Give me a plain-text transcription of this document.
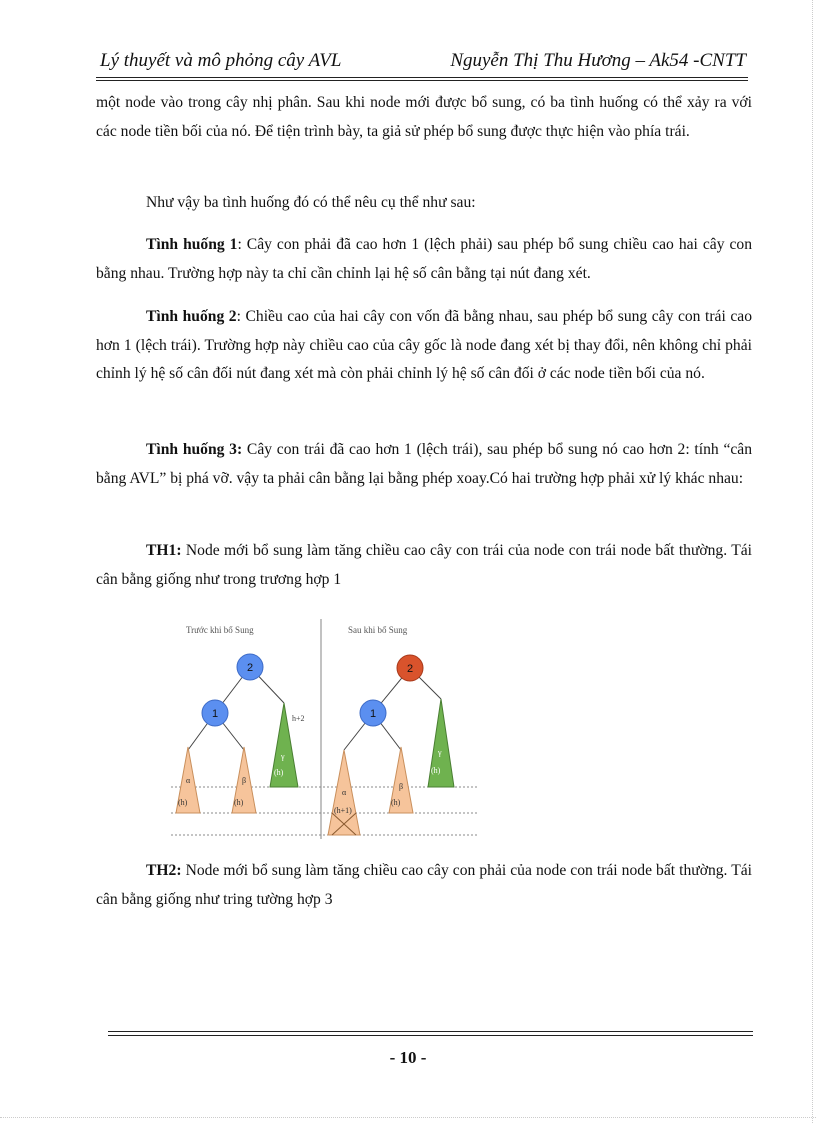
Lý thuyết và mô phỏng cây AVL	Nguyễn Thị Thu Hương – Ak54 -CNTT

một node vào trong cây nhị phân. Sau khi node mới được bổ sung, có ba tình huống có thể xảy ra với các node tiền bối của nó. Để tiện trình bày, ta giả sử phép bổ sung được thực hiện vào phía trái.

Như vậy ba tình huống đó có thể nêu cụ thể như sau:

Tình huống 1: Cây con phải đã cao hơn 1 (lệch phải) sau phép bổ sung chiều cao hai cây con bằng nhau. Trường hợp này ta chỉ cần chỉnh lại hệ số cân bằng tại nút đang xét.

Tình huống 2: Chiều cao của hai cây con vốn đã bằng nhau, sau phép bổ sung cây con trái cao hơn 1 (lệch trái). Trường hợp này chiều cao của cây gốc là node đang xét bị thay đổi, nên không chỉ phải chỉnh lý hệ số cân đối nút đang xét mà còn phải chỉnh lý hệ số cân đối ở các node tiền bối của nó.

Tình huống 3: Cây con trái đã cao hơn 1 (lệch trái), sau phép bổ sung nó cao hơn 2: tính “cân bằng AVL” bị phá vỡ. vậy ta phải cân bằng lại bằng phép xoay.Có hai trường hợp phải xử lý khác nhau:

TH1: Node mới bổ sung làm tăng chiều cao cây con trái của node con trái node bất thường. Tái cân bằng giống như trong trương hợp 1

Trước khi bổ Sung	Sau khi bổ Sung
α
(h)
β
(h)
γ
(h)
h+2
2
1
α
(h+1)
β
(h)
γ
(h)
2
1

TH2: Node mới bổ sung làm tăng chiều cao cây con phải của node con trái node bất thường. Tái cân bằng giống như tring tường hợp 3

- 10 -
